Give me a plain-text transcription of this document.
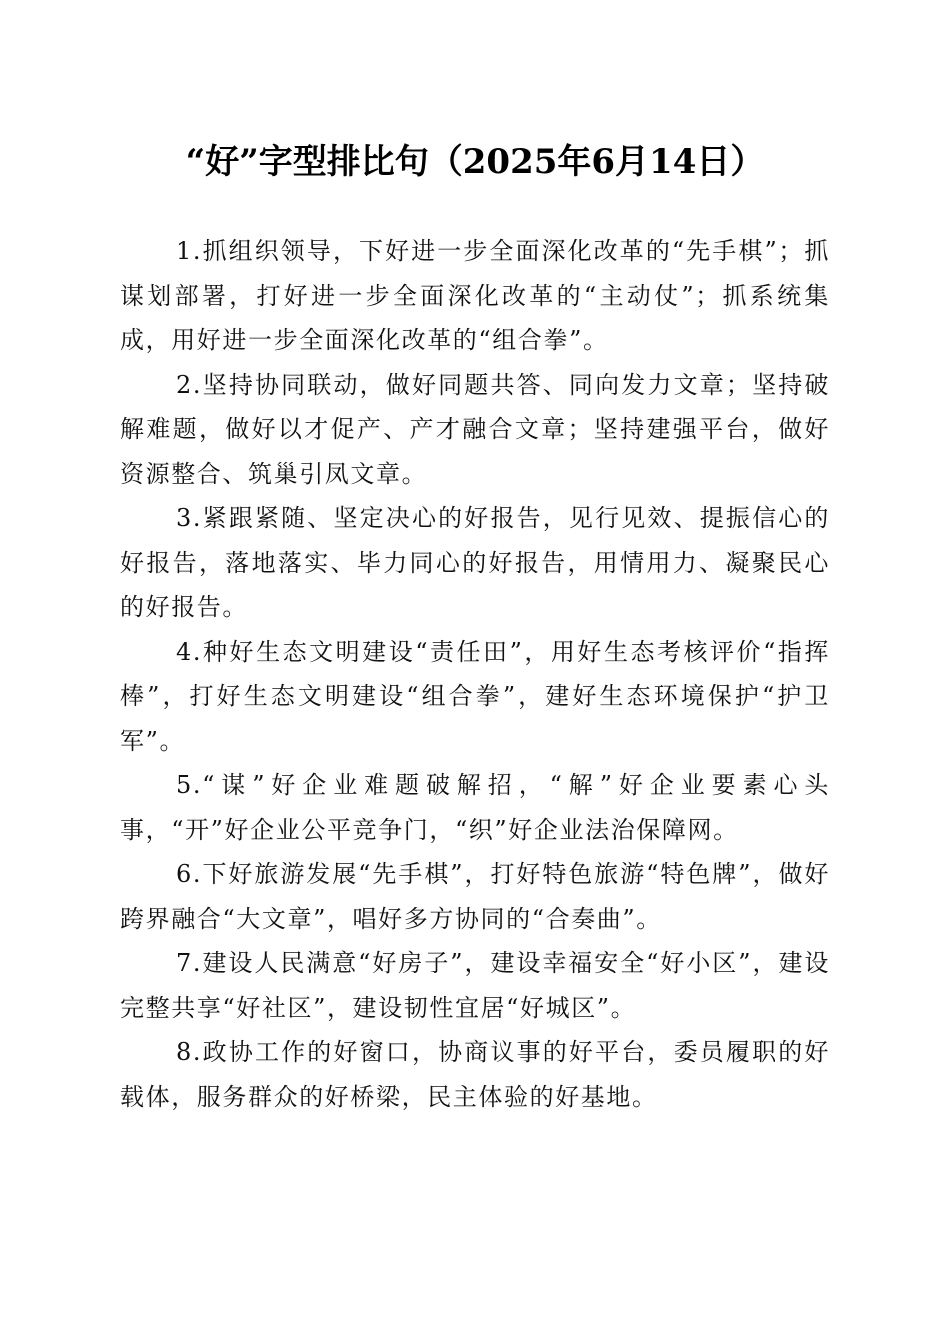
“好”字型排比句（2025年6月14日）

1.抓组织领导，下好进一步全面深化改革的“先手棋”；抓谋划部署，打好进一步全面深化改革的“主动仗”；抓系统集成，用好进一步全面深化改革的“组合拳”。

2.坚持协同联动，做好同题共答、同向发力文章；坚持破解难题，做好以才促产、产才融合文章；坚持建强平台，做好资源整合、筑巢引凤文章。

3.紧跟紧随、坚定决心的好报告，见行见效、提振信心的好报告，落地落实、毕力同心的好报告，用情用力、凝聚民心的好报告。

4.种好生态文明建设“责任田”，用好生态考核评价“指挥棒”，打好生态文明建设“组合拳”，建好生态环境保护“护卫军”。

5.“谋”好企业难题破解招，“解”好企业要素心头事，“开”好企业公平竞争门，“织”好企业法治保障网。

6.下好旅游发展“先手棋”，打好特色旅游“特色牌”，做好跨界融合“大文章”，唱好多方协同的“合奏曲”。

7.建设人民满意“好房子”，建设幸福安全“好小区”，建设完整共享“好社区”，建设韧性宜居“好城区”。

8.政协工作的好窗口，协商议事的好平台，委员履职的好载体，服务群众的好桥梁，民主体验的好基地。
